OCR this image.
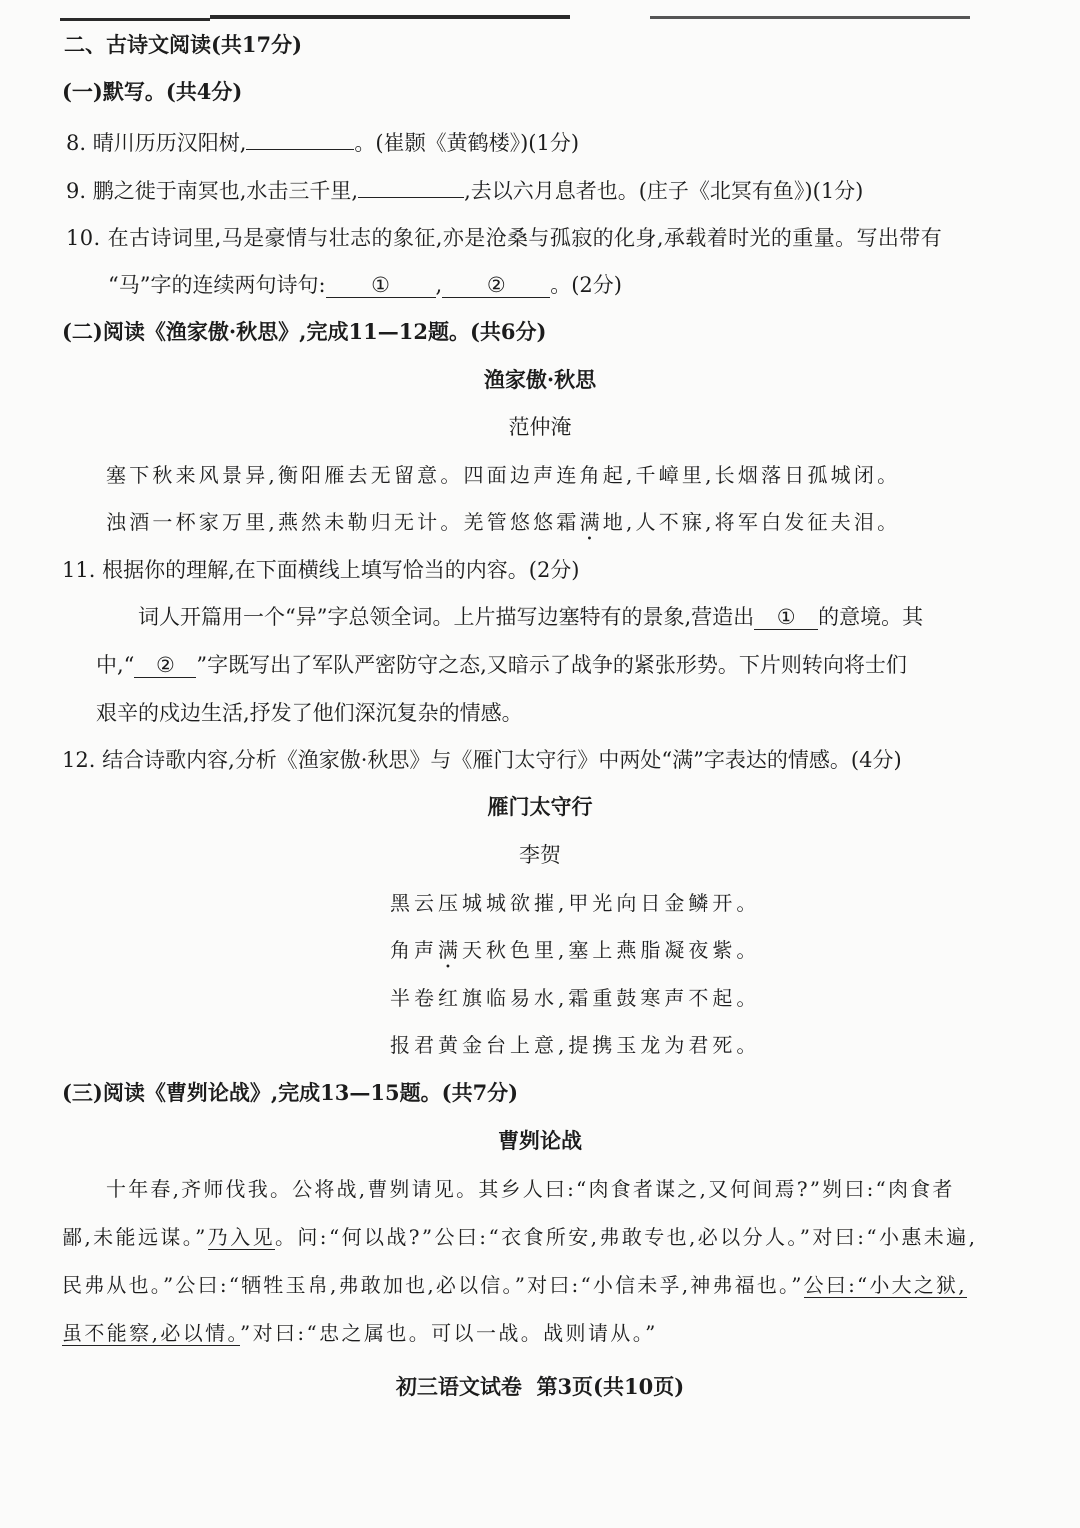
二、古诗文阅读(共17分)
(一)默写。(共4分)
8. 晴川历历汉阳树,	。(崔颢《黄鹤楼》)(1分)
9. 鹏之徙于南冥也,水击三千里,	,去以六月息者也。(庄子《北冥有鱼》)(1分)
10. 在古诗词里,马是豪情与壮志的象征,亦是沧桑与孤寂的化身,承载着时光的重量。写出带有
“马”字的连续两句诗句: ① , ② 。(2分)
(二)阅读《渔家傲·秋思》,完成11—12题。(共6分)
渔家傲·秋思
范仲淹
塞下秋来风景异,衡阳雁去无留意。四面边声连角起,千嶂里,长烟落日孤城闭。
浊酒一杯家万里,燕然未勒归无计。羌管悠悠霜满地,人不寐,将军白发征夫泪。
11. 根据你的理解,在下面横线上填写恰当的内容。(2分)
词人开篇用一个“异”字总领全词。上片描写边塞特有的景象,营造出 ① 的意境。其
中,“ ② ”字既写出了军队严密防守之态,又暗示了战争的紧张形势。下片则转向将士们
艰辛的戍边生活,抒发了他们深沉复杂的情感。
12. 结合诗歌内容,分析《渔家傲·秋思》与《雁门太守行》中两处“满”字表达的情感。(4分)
雁门太守行
李贺
黑云压城城欲摧,甲光向日金鳞开。
角声满天秋色里,塞上燕脂凝夜紫。
半卷红旗临易水,霜重鼓寒声不起。
报君黄金台上意,提携玉龙为君死。
(三)阅读《曹刿论战》,完成13—15题。(共7分)
曹刿论战
十年春,齐师伐我。公将战,曹刿请见。其乡人曰:“肉食者谋之,又何间焉?”刿曰:“肉食者
鄙,未能远谋。”乃入见。问:“何以战?”公曰:“衣食所安,弗敢专也,必以分人。”对曰:“小惠未遍,
民弗从也。”公曰:“牺牲玉帛,弗敢加也,必以信。”对曰:“小信未孚,神弗福也。”公曰:“小大之狱,
虽不能察,必以情。”对曰:“忠之属也。可以一战。战则请从。”
初三语文试卷  第3页(共10页)
